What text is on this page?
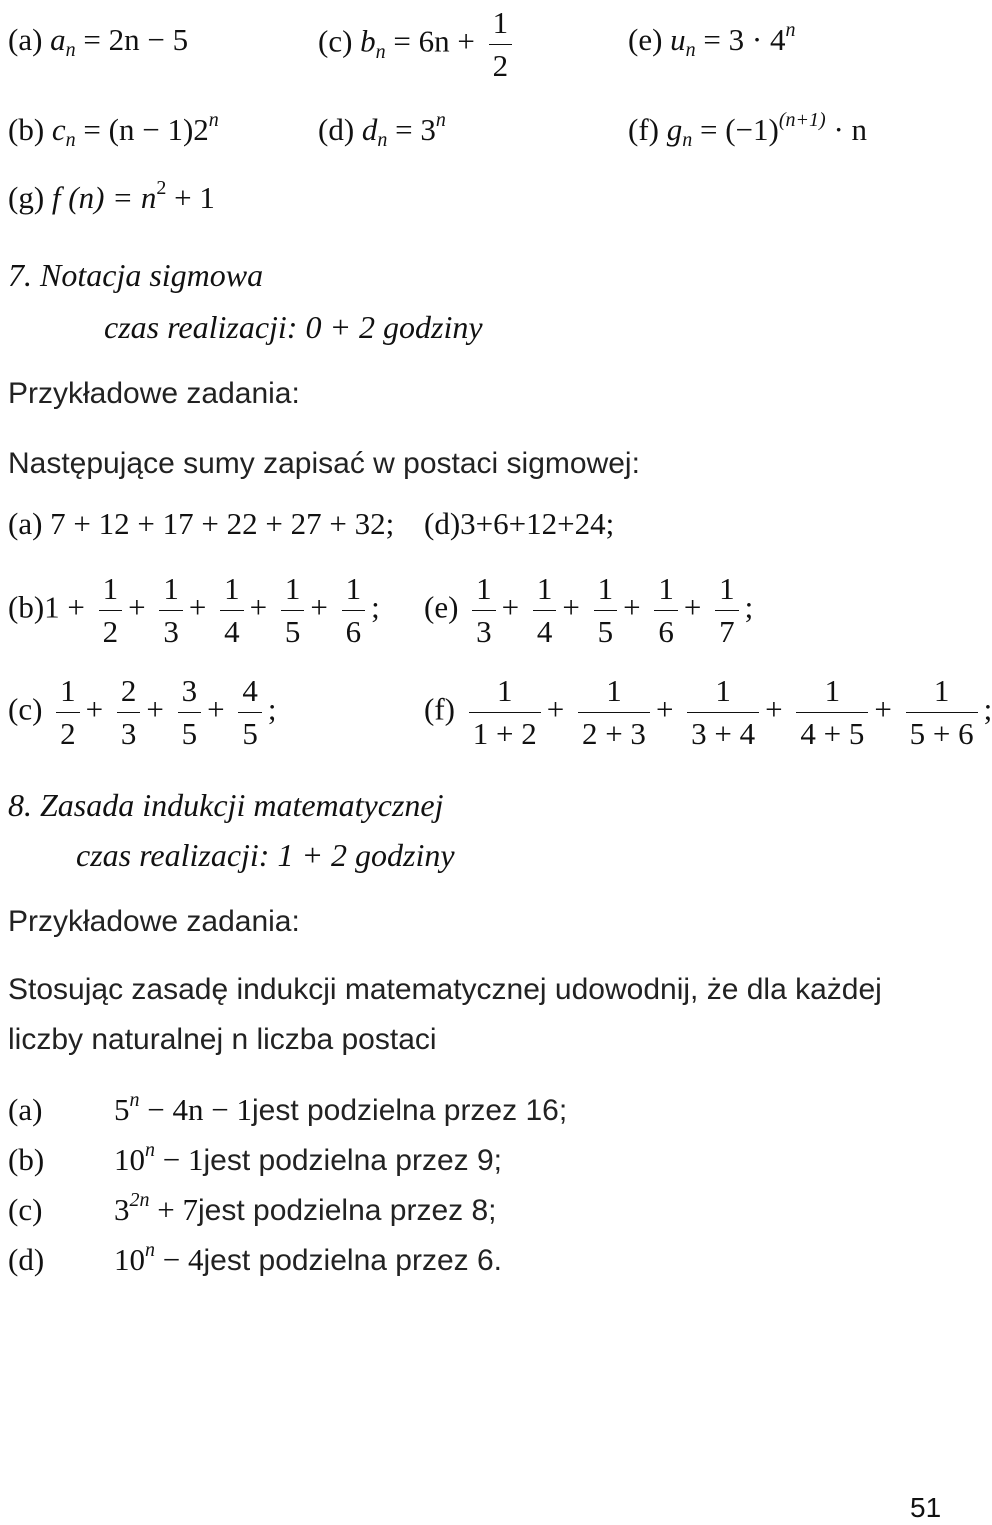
(a) an = 2n − 5	(c) bn = $6n + \frac{1}{2}$	(e) un = $3 \cdot 4^n$
(b) cn = $(n - 1)2^n$	(d) dn = $3^n$	(f) gn = $(-1)^{(n+1)} \cdot n$
(g) f $(n) = n^2 + 1$
7. Notacja sigmowa
czas realizacji: 0 + 2 godziny
Przykładowe zadania:
Następujące sumy zapisać w postaci sigmowej:
(a) 7 + 12 + 17 + 22 + 27 + 32; (d)3+6+12+24;
$(b)1 + \frac{1}{2} + \frac{1}{3} + \frac{1}{4} + \frac{1}{5} + \frac{1}{6}$ ; $(e) \frac{1}{3} + \frac{1}{4} + \frac{1}{5} + \frac{1}{6} + \frac{1}{7}$ ;
$(c) \frac{1}{2} + \frac{2}{3} + \frac{3}{5} + \frac{4}{5}$ ;	$(f) \frac{1}{1 + 2} + \frac{1}{2 + 3} + \frac{1}{3 + 4} + \frac{1}{4 + 5} + \frac{1}{5 + 6}$ ;
8. Zasada indukcji matematycznej
czas realizacji: 1 + 2 godziny
Przykładowe zadania:
Stosując zasadę indukcji matematycznej udowodnij, że dla każdej
liczby naturalnej n liczba postaci
(a) $5^n - 4n$ − 1jest podzielna przez 16;
(b) $10^n$ − 1jest podzielna przez 9;
(c) $3^{2n}$ + 7jest podzielna przez 8;
(d) $10^n$ − 4jest podzielna przez 6.
51
